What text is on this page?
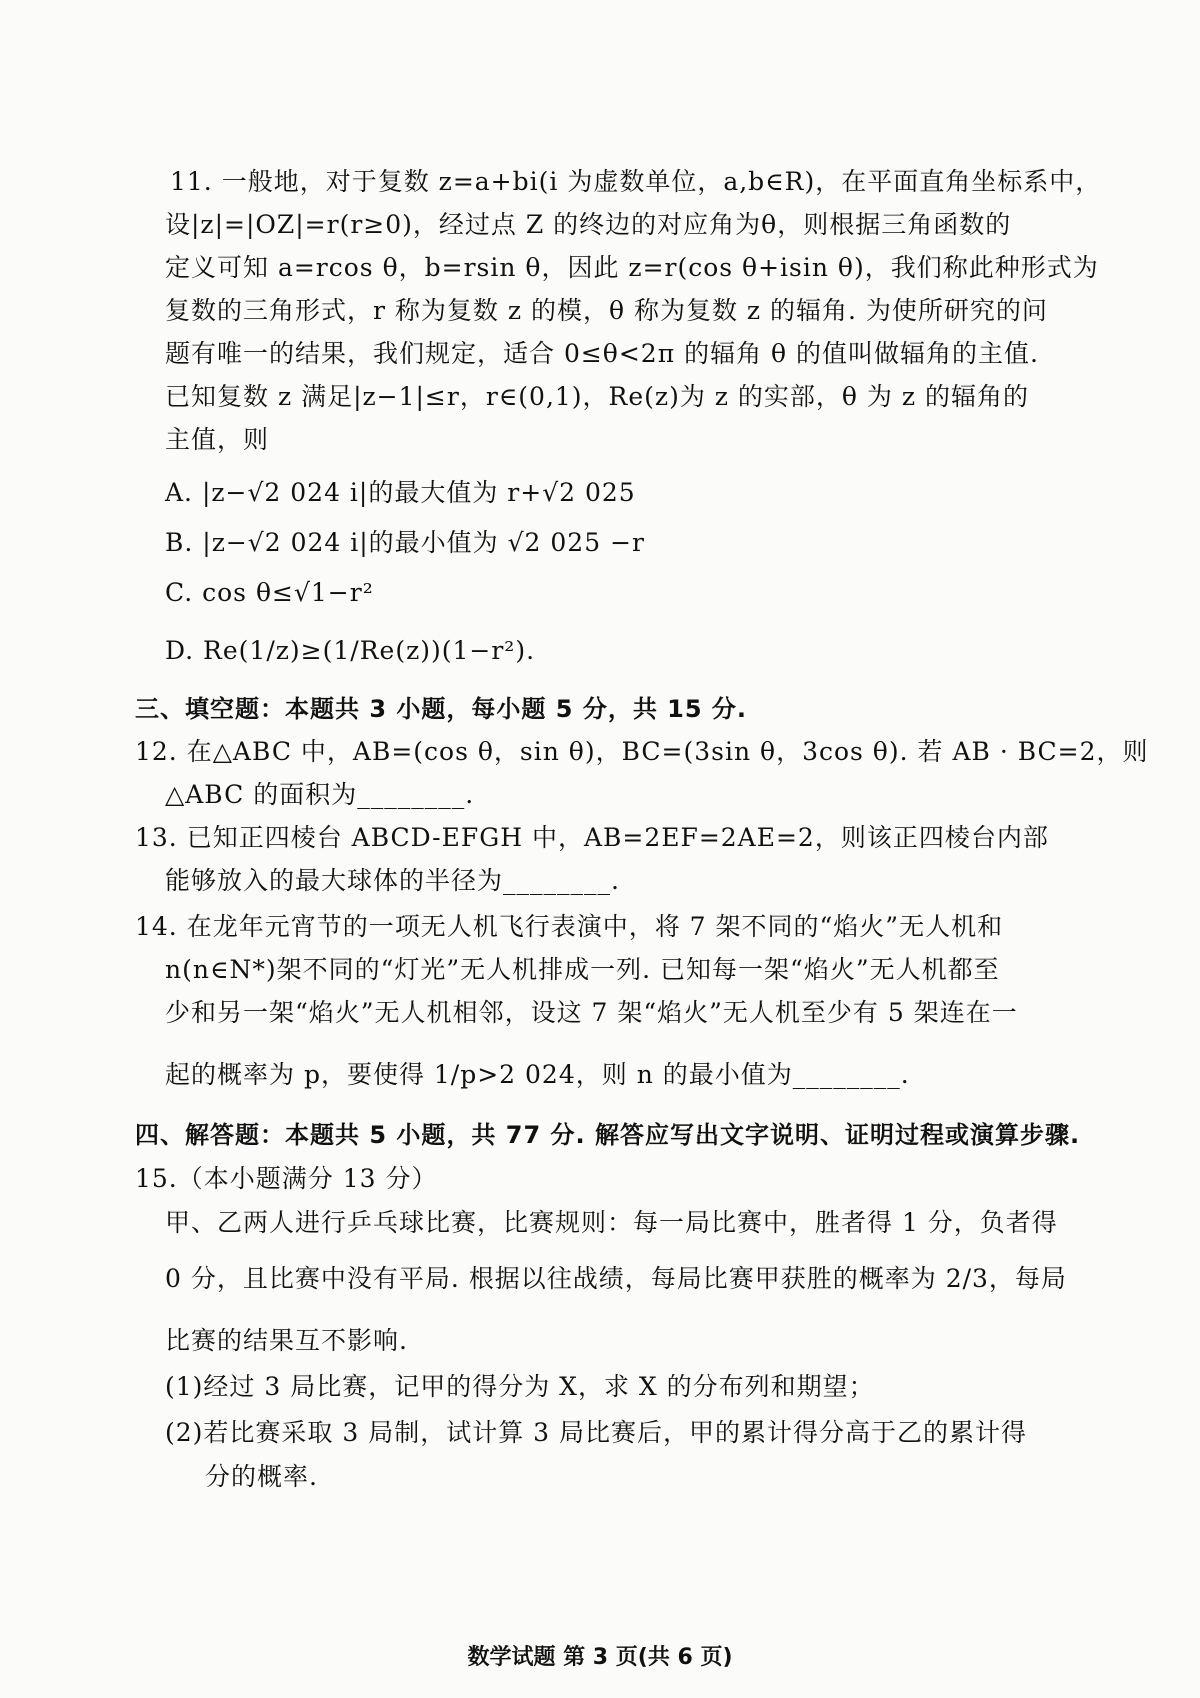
11. 一般地，对于复数 z=a+bi(i 为虚数单位，a,b∈R)，在平面直角坐标系中，
设|z|=|OZ|=r(r≥0)，经过点 Z 的终边的对应角为θ，则根据三角函数的
定义可知 a=rcos θ，b=rsin θ，因此 z=r(cos θ+isin θ)，我们称此种形式为
复数的三角形式，r 称为复数 z 的模，θ 称为复数 z 的辐角. 为使所研究的问
题有唯一的结果，我们规定，适合 0≤θ<2π 的辐角 θ 的值叫做辐角的主值.
已知复数 z 满足|z−1|≤r，r∈(0,1)，Re(z)为 z 的实部，θ 为 z 的辐角的
主值，则
A. |z−√2 024 i|的最大值为 r+√2 025
B. |z−√2 024 i|的最小值为 √2 025 −r
C. cos θ≤√1−r²
D. Re(1/z)≥(1/Re(z))(1−r²).
三、填空题：本题共 3 小题，每小题 5 分，共 15 分.
12. 在△ABC 中，AB=(cos θ，sin θ)，BC=(3sin θ，3cos θ). 若 AB · BC=2，则
△ABC 的面积为________.
13. 已知正四棱台 ABCD-EFGH 中，AB=2EF=2AE=2，则该正四棱台内部
能够放入的最大球体的半径为________.
14. 在龙年元宵节的一项无人机飞行表演中，将 7 架不同的“焰火”无人机和
n(n∈N*)架不同的“灯光”无人机排成一列. 已知每一架“焰火”无人机都至
少和另一架“焰火”无人机相邻，设这 7 架“焰火”无人机至少有 5 架连在一
起的概率为 p，要使得 1/p>2 024，则 n 的最小值为________.
四、解答题：本题共 5 小题，共 77 分. 解答应写出文字说明、证明过程或演算步骤.
15.（本小题满分 13 分）
甲、乙两人进行乒乓球比赛，比赛规则：每一局比赛中，胜者得 1 分，负者得
0 分，且比赛中没有平局. 根据以往战绩，每局比赛甲获胜的概率为 2/3，每局
比赛的结果互不影响.
(1)经过 3 局比赛，记甲的得分为 X，求 X 的分布列和期望；
(2)若比赛采取 3 局制，试计算 3 局比赛后，甲的累计得分高于乙的累计得
分的概率.
数学试题 第 3 页(共 6 页)
